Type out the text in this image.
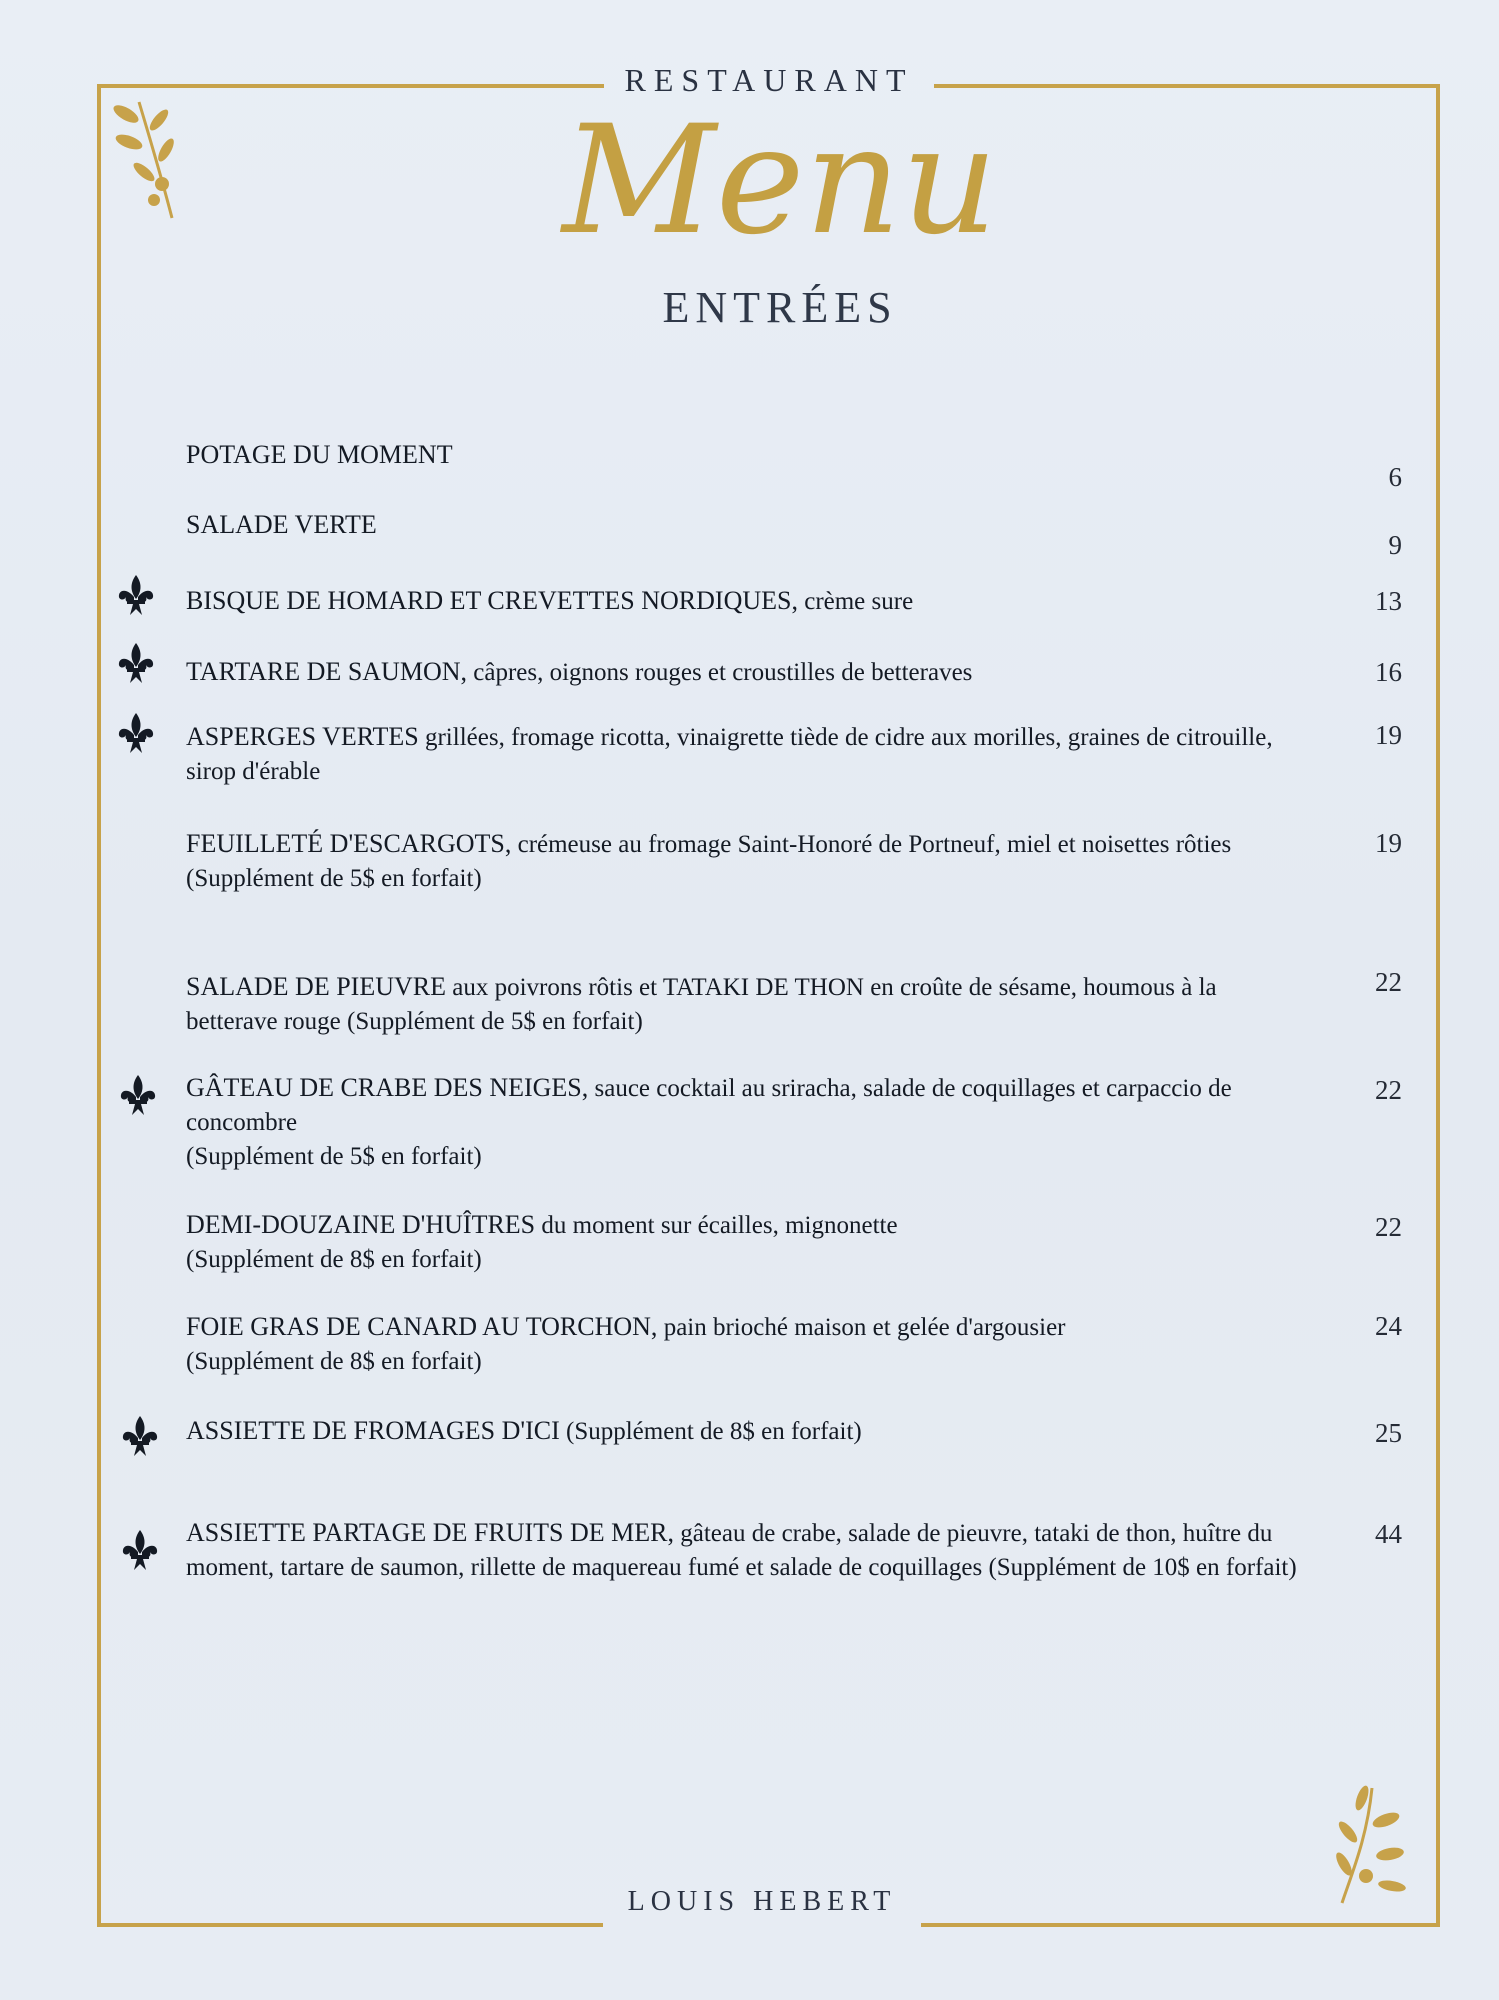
RESTAURANT
Menu
ENTRÉES
POTAGE DU MOMENT
6
SALADE VERTE
9
BISQUE DE HOMARD ET CREVETTES NORDIQUES, crème sure	13
TARTARE DE SAUMON, câpres, oignons rouges et croustilles de betteraves	16
ASPERGES VERTES grillées, fromage ricotta, vinaigrette tiède de cidre aux morilles, graines de citrouille, sirop d'érable
19
FEUILLETÉ D'ESCARGOTS, crémeuse au fromage Saint-Honoré de Portneuf, miel et noisettes rôties
(Supplément de 5$ en forfait)
19
SALADE DE PIEUVRE aux poivrons rôtis et TATAKI DE THON en croûte de sésame, houmous à la betterave rouge (Supplément de 5$ en forfait)
22
GÂTEAU DE CRABE DES NEIGES, sauce cocktail au sriracha, salade de coquillages et carpaccio de concombre
(Supplément de 5$ en forfait)
22
DEMI-DOUZAINE D'HUÎTRES du moment sur écailles, mignonette
(Supplément de 8$ en forfait)
22
FOIE GRAS DE CANARD AU TORCHON, pain brioché maison et gelée d'argousier
(Supplément de 8$ en forfait)
24
ASSIETTE DE FROMAGES D'ICI (Supplément de 8$ en forfait)	25
ASSIETTE PARTAGE DE FRUITS DE MER, gâteau de crabe, salade de pieuvre, tataki de thon, huître du moment, tartare de saumon, rillette de maquereau fumé et salade de coquillages (Supplément de 10$ en forfait)
44
LOUIS HEBERT
